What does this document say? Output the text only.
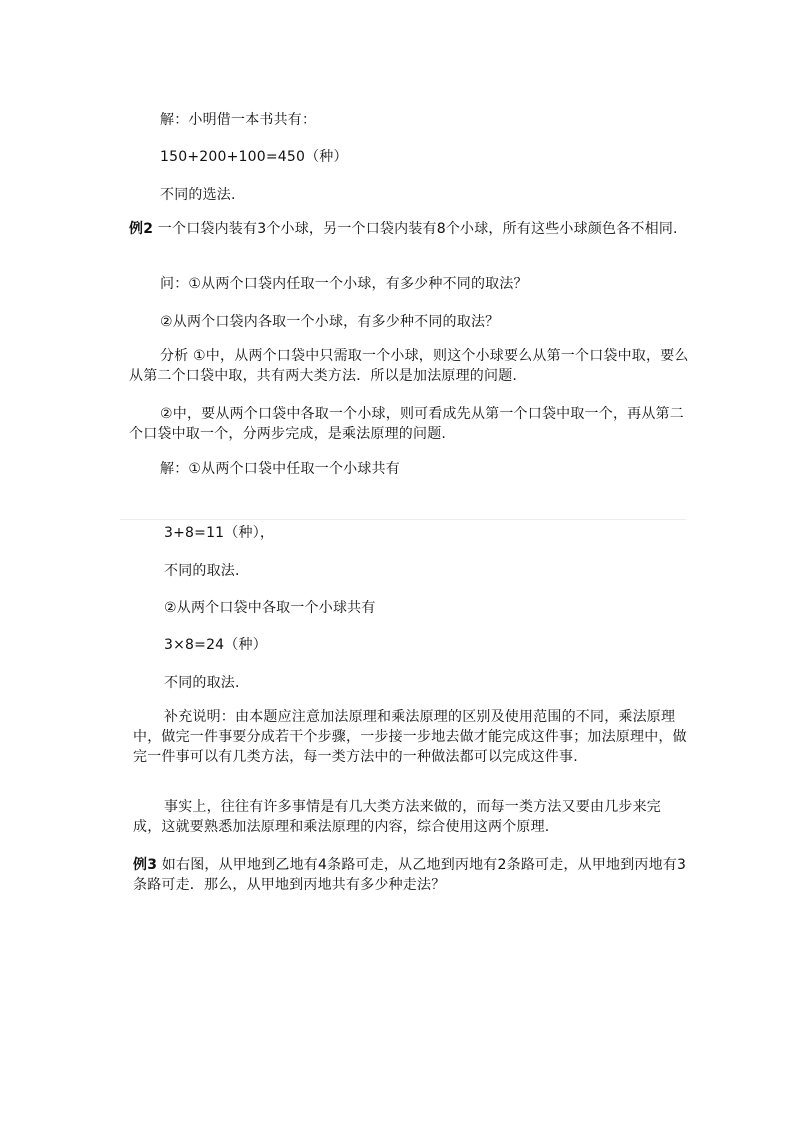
解：小明借一本书共有：
150+200+100=450（种）
不同的选法.
例2 一个口袋内装有3个小球，另一个口袋内装有8个小球，所有这些小球颜色各不相同.
问：①从两个口袋内任取一个小球，有多少种不同的取法？
②从两个口袋内各取一个小球，有多少种不同的取法？
分析 ①中，从两个口袋中只需取一个小球，则这个小球要么从第一个口袋中取，要么从第二个口袋中取，共有两大类方法．所以是加法原理的问题.
②中，要从两个口袋中各取一个小球，则可看成先从第一个口袋中取一个，再从第二个口袋中取一个，分两步完成，是乘法原理的问题.
解：①从两个口袋中任取一个小球共有
3+8=11（种），
不同的取法.
②从两个口袋中各取一个小球共有
3×8=24（种）
不同的取法.
补充说明：由本题应注意加法原理和乘法原理的区别及使用范围的不同，乘法原理中，做完一件事要分成若干个步骤，一步接一步地去做才能完成这件事；加法原理中，做完一件事可以有几类方法，每一类方法中的一种做法都可以完成这件事.
事实上，往往有许多事情是有几大类方法来做的，而每一类方法又要由几步来完成，这就要熟悉加法原理和乘法原理的内容，综合使用这两个原理.
例3 如右图，从甲地到乙地有4条路可走，从乙地到丙地有2条路可走，从甲地到丙地有3条路可走．那么，从甲地到丙地共有多少种走法？
